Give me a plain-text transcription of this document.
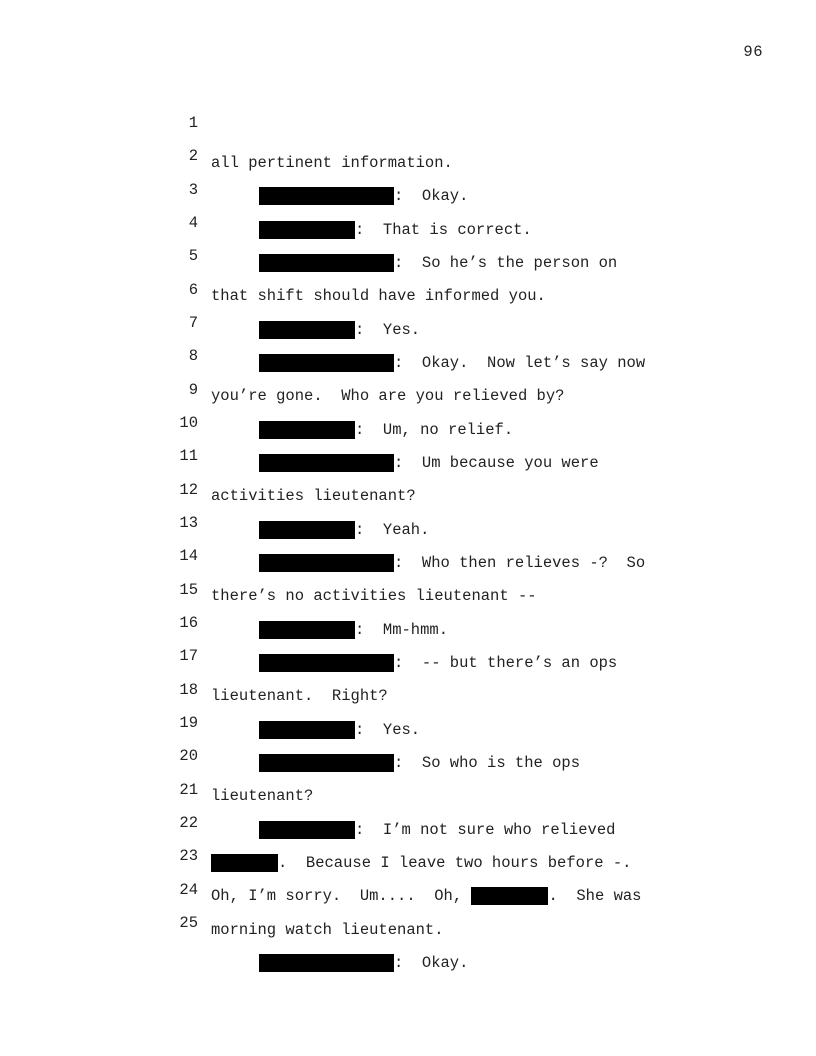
96

1

all pertinent information.

2

:  Okay.

3

:  That is correct.

4

:  So he’s the person on

5

that shift should have informed you.

6

:  Yes.

7

:  Okay.  Now let’s say now

8

you’re gone.  Who are you relieved by?

9

:  Um, no relief.

10

:  Um because you were

11

activities lieutenant?

12

:  Yeah.

13

:  Who then relieves -?  So

14

there’s no activities lieutenant --

15

:  Mm-hmm.

16

:  -- but there’s an ops

17

lieutenant.  Right?

18

:  Yes.

19

:  So who is the ops

20

lieutenant?

21

:  I’m not sure who relieved

22

.  Because I leave two hours before -.

23

Oh, I’m sorry.  Um....  Oh,	.  She was

24

morning watch lieutenant.

25

:  Okay.
